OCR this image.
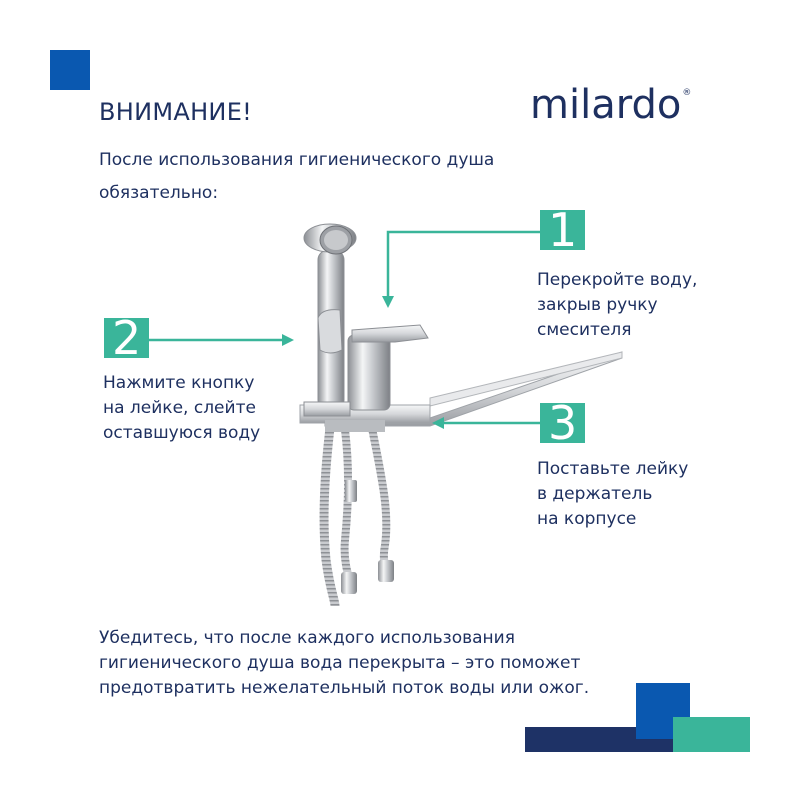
ВНИМАНИЕ!
После использования гигиенического душа обязательно:
milardo®
1
Перекройте воду,
закрыв ручку
смесителя
2
Нажмите кнопку
на лейке, слейте
оставшуюся воду	3
Поставьте лейку
в держатель
на корпусе
Убедитесь, что после каждого использования
гигиенического душа вода перекрыта – это поможет
предотвратить нежелательный поток воды или ожог.
